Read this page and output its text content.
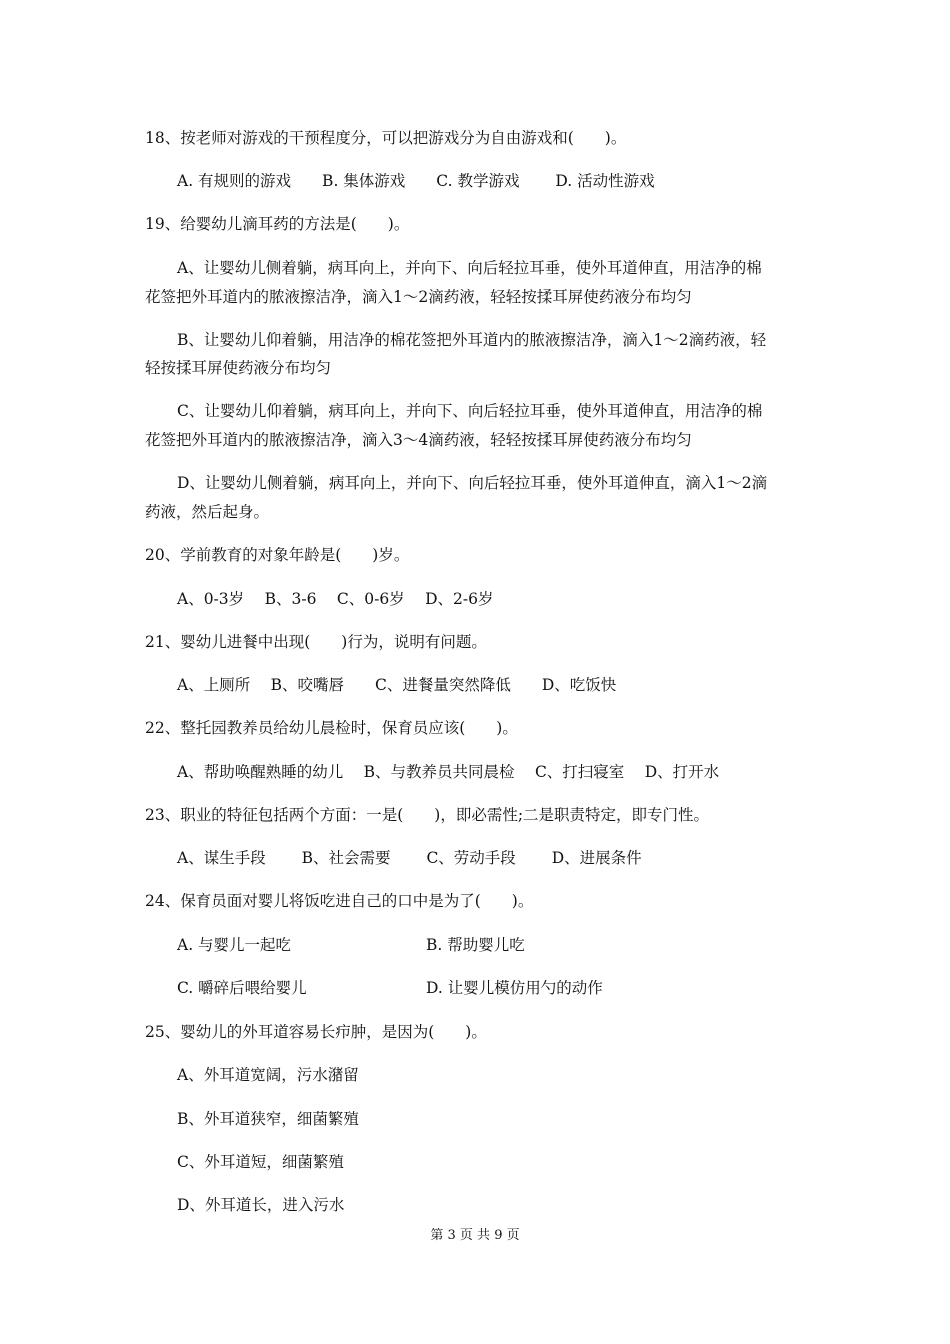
18、按老师对游戏的干预程度分，可以把游戏分为自由游戏和(　　)。
A. 有规则的游戏　　B. 集体游戏　　C. 教学游戏　　 D. 活动性游戏
19、给婴幼儿滴耳药的方法是(　　)。
A、让婴幼儿侧着躺，病耳向上，并向下、向后轻拉耳垂，使外耳道伸直，用洁净的棉
花签把外耳道内的脓液擦洁净，滴入1～2滴药液，轻轻按揉耳屏使药液分布均匀
B、让婴幼儿仰着躺，用洁净的棉花签把外耳道内的脓液擦洁净，滴入1～2滴药液，轻
轻按揉耳屏使药液分布均匀
C、让婴幼儿仰着躺，病耳向上，并向下、向后轻拉耳垂，使外耳道伸直，用洁净的棉
花签把外耳道内的脓液擦洁净，滴入3～4滴药液，轻轻按揉耳屏使药液分布均匀
D、让婴幼儿侧着躺，病耳向上，并向下、向后轻拉耳垂，使外耳道伸直，滴入1～2滴
药液，然后起身。
20、学前教育的对象年龄是(　　)岁。
A、0-3岁　 B、3-6　 C、0-6岁　 D、2-6岁
21、婴幼儿进餐中出现(　　)行为，说明有问题。
A、上厕所　 B、咬嘴唇　　C、进餐量突然降低　　D、吃饭快
22、整托园教养员给幼儿晨检时，保育员应该(　　)。
A、帮助唤醒熟睡的幼儿　 B、与教养员共同晨检　 C、打扫寝室　 D、打开水
23、职业的特征包括两个方面：一是(　　)，即必需性;二是职责特定，即专门性。
A、谋生手段　　 B、社会需要　　 C、劳动手段　　 D、进展条件
24、保育员面对婴儿将饭吃进自己的口中是为了(　　)。
A. 与婴儿一起吃	B. 帮助婴儿吃
C. 嚼碎后喂给婴儿	D. 让婴儿模仿用勺的动作
25、婴幼儿的外耳道容易长疖肿，是因为(　　)。
A、外耳道宽阔，污水潴留
B、外耳道狭窄，细菌繁殖
C、外耳道短，细菌繁殖
D、外耳道长，进入污水
第 3 页 共 9 页
